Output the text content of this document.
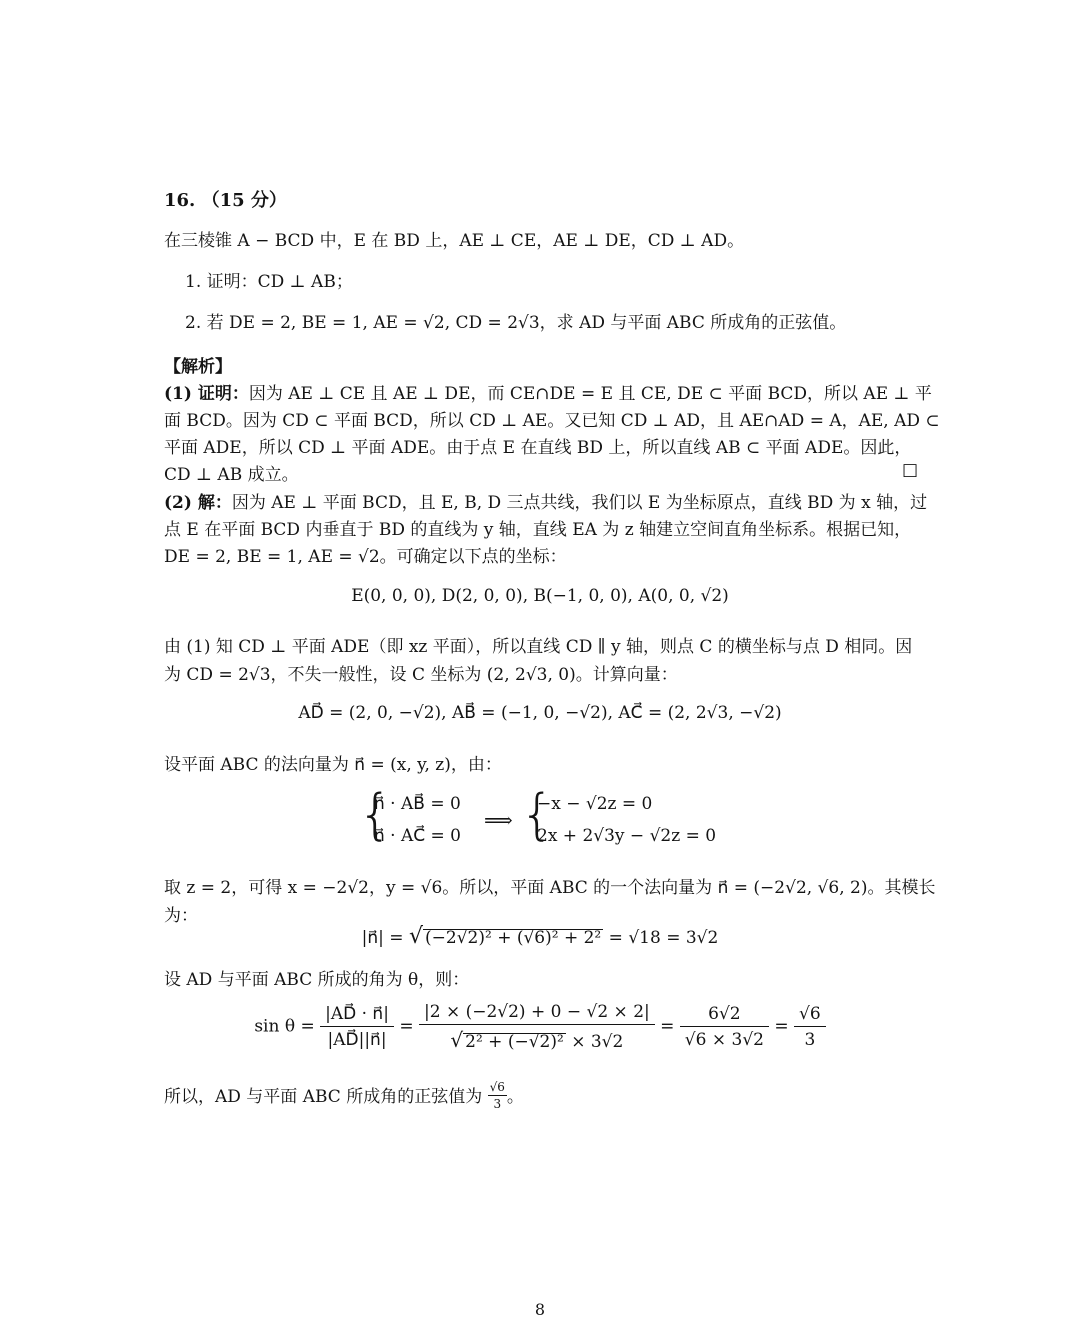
16. （15 分）
在三棱锥 A − BCD 中，E 在 BD 上，AE ⊥ CE，AE ⊥ DE，CD ⊥ AD。
1. 证明：CD ⊥ AB；
2. 若 DE = 2, BE = 1, AE = √2, CD = 2√3，求 AD 与平面 ABC 所成角的正弦值。
【解析】
(1) 证明：因为 AE ⊥ CE 且 AE ⊥ DE，而 CE∩DE = E 且 CE, DE ⊂ 平面 BCD，所以 AE ⊥ 平
面 BCD。因为 CD ⊂ 平面 BCD，所以 CD ⊥ AE。又已知 CD ⊥ AD，且 AE∩AD = A，AE, AD ⊂
平面 ADE，所以 CD ⊥ 平面 ADE。由于点 E 在直线 BD 上，所以直线 AB ⊂ 平面 ADE。因此，
CD ⊥ AB 成立。	□
(2) 解：因为 AE ⊥ 平面 BCD，且 E, B, D 三点共线，我们以 E 为坐标原点，直线 BD 为 x 轴，过
点 E 在平面 BCD 内垂直于 BD 的直线为 y 轴，直线 EA 为 z 轴建立空间直角坐标系。根据已知，
DE = 2, BE = 1, AE = √2。可确定以下点的坐标：
E(0, 0, 0), D(2, 0, 0), B(−1, 0, 0), A(0, 0, √2)
由 (1) 知 CD ⊥ 平面 ADE（即 xz 平面），所以直线 CD ∥ y 轴，则点 C 的横坐标与点 D 相同。因
为 CD = 2√3，不失一般性，设 C 坐标为 (2, 2√3, 0)。计算向量：
AD⃗ = (2, 0, −√2), AB⃗ = (−1, 0, −√2), AC⃗ = (2, 2√3, −√2)
设平面 ABC 的法向量为 n⃗ = (x, y, z)，由：
{
n⃗ · AB⃗ = 0
n⃗ · AC⃗ = 0
⟹ {
−x − √2z = 0
2x + 2√3y − √2z = 0
取 z = 2，可得 x = −2√2，y = √6。所以，平面 ABC 的一个法向量为 n⃗ = (−2√2, √6, 2)。其模长
为：
|n⃗| = √ (−2√2)² + (√6)² + 2² = √18 = 3√2
设 AD 与平面 ABC 所成的角为 θ，则：
$\sin \theta = \frac{|AD⃗ \cdot n⃗|}{|AD⃗||n⃗|} = \frac{|2 \times (-2√2) + 0 - √2 \times 2|}{\text{√ 2² + (−√2)² × 3√2}} = \frac{6√2}{√6 \times 3√2} = \frac{√6}{3}$
所以，AD 与平面 ABC 所成角的正弦值为 $\frac{√6}{3}$ 。
8
